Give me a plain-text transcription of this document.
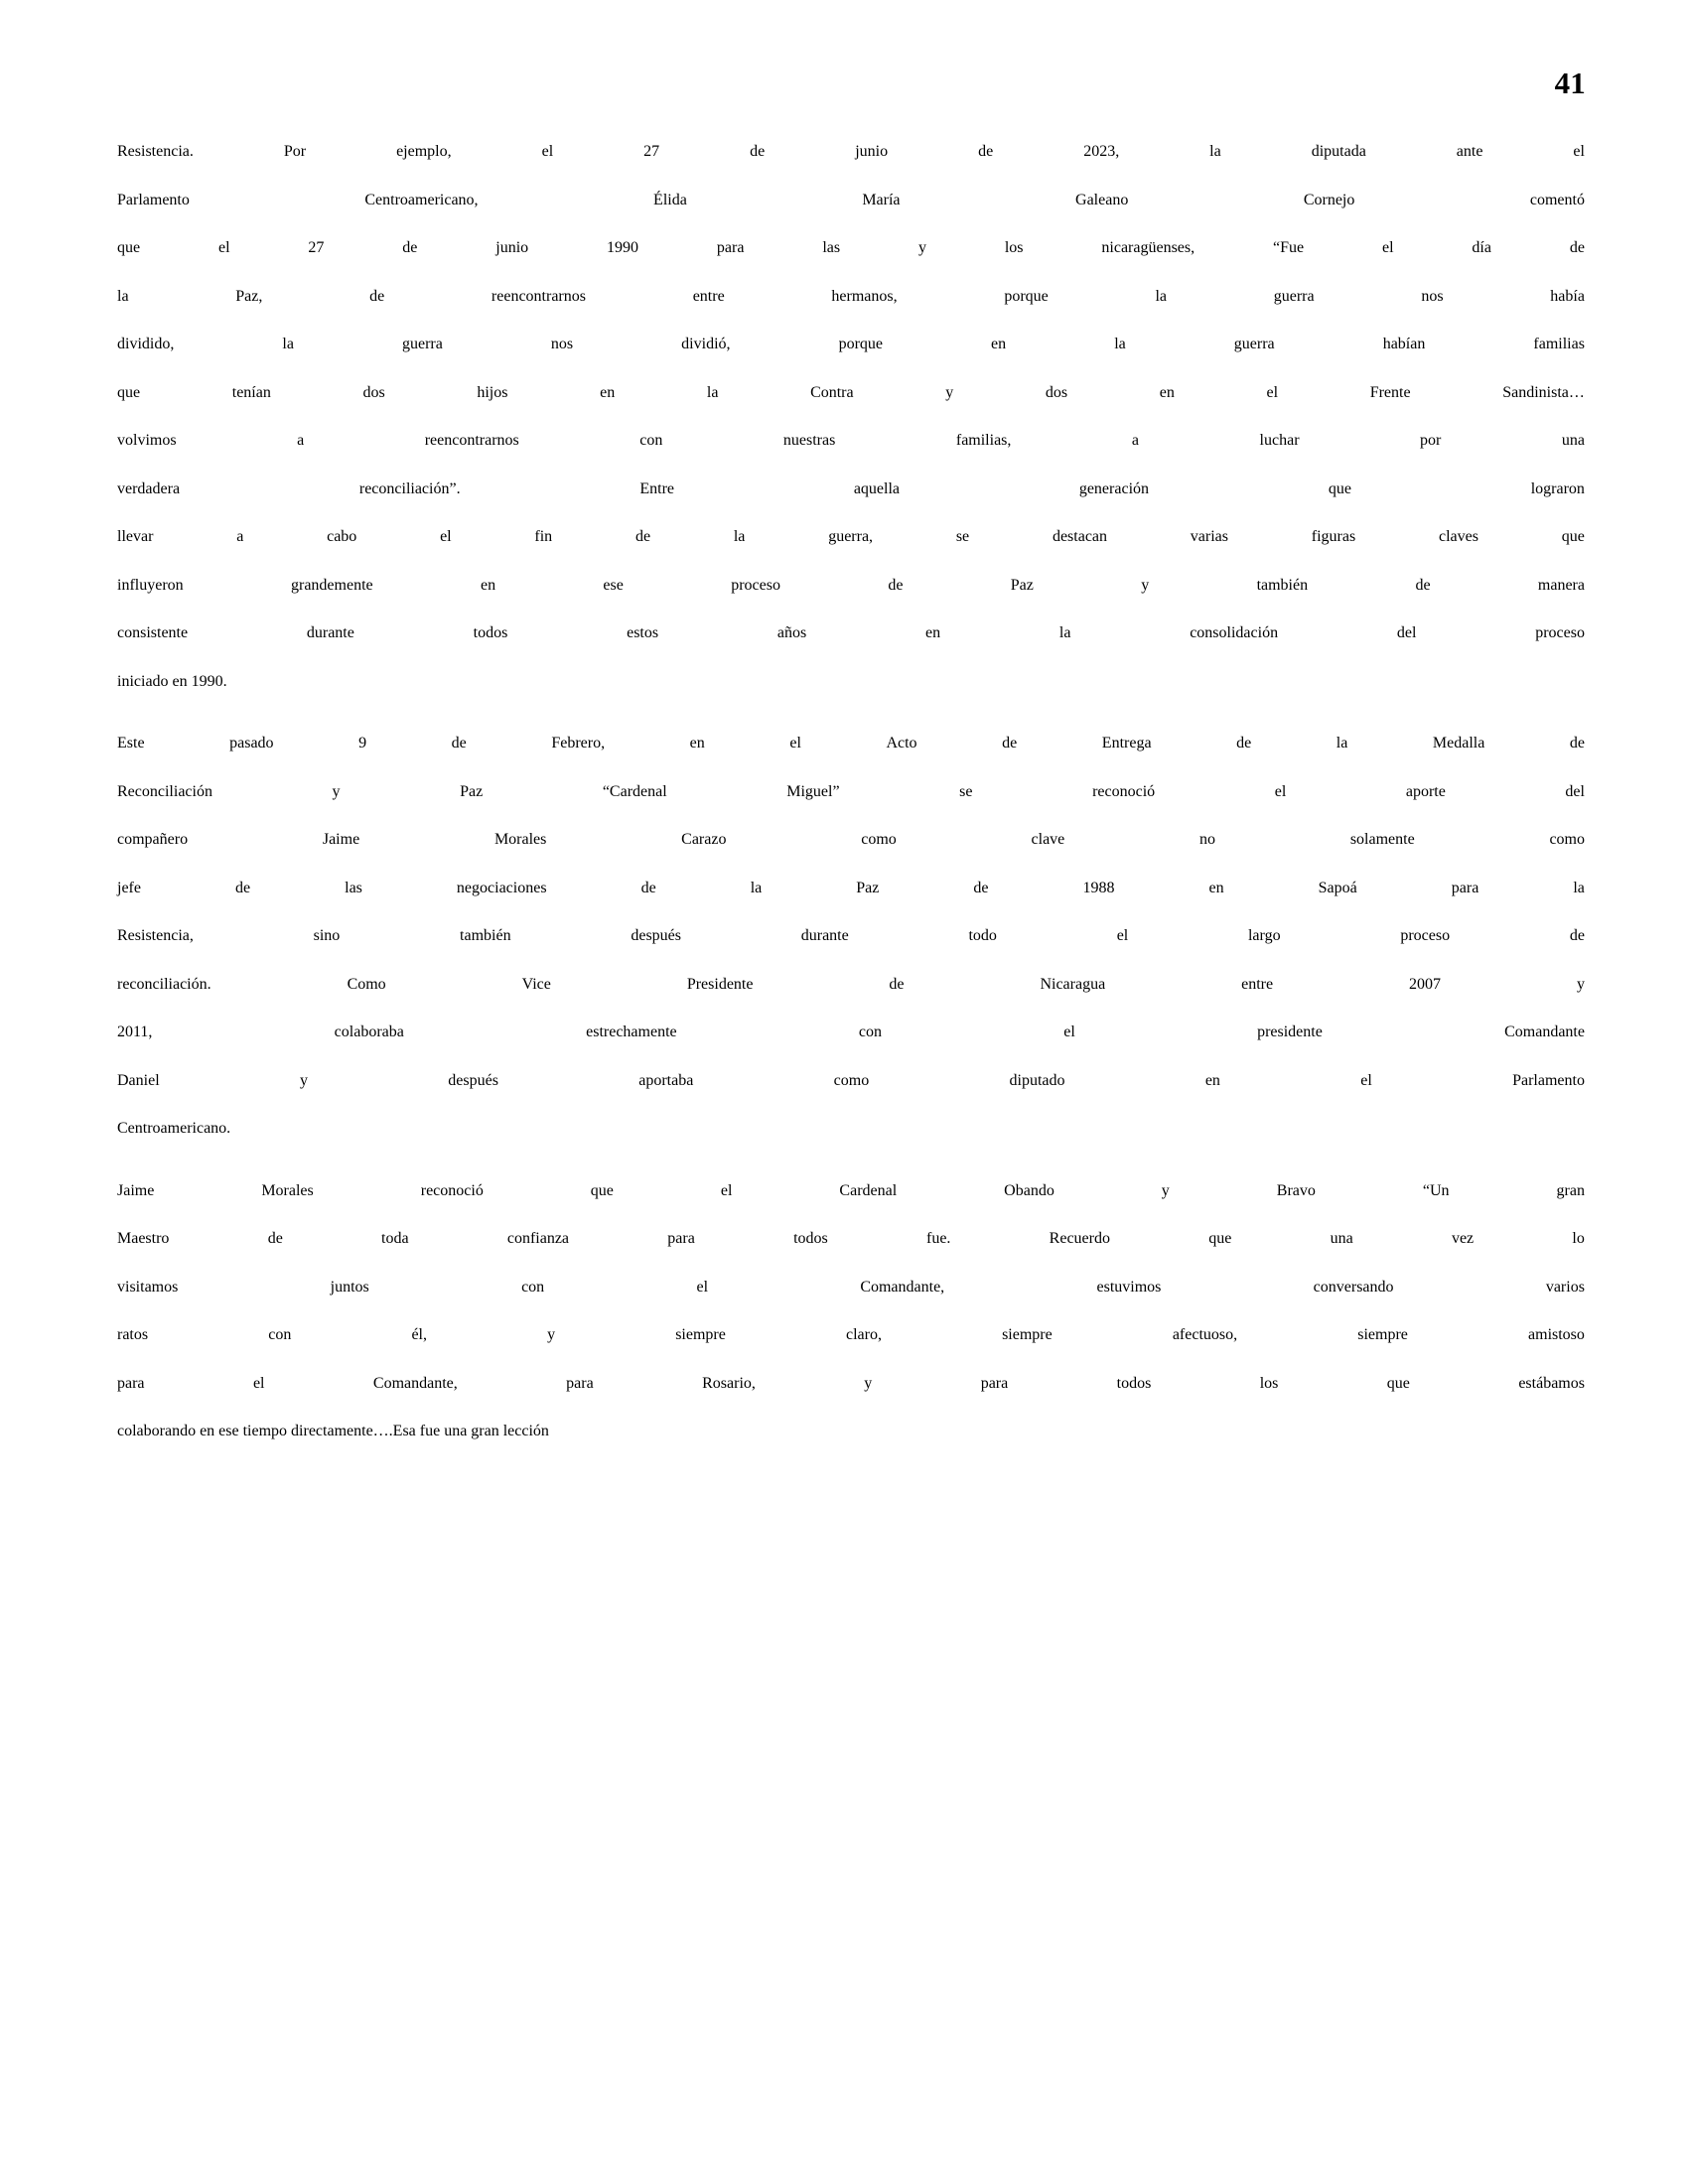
41
Resistencia.	Por	ejemplo,	el	27	de	junio	de	2023,	la	diputada	ante	el
Parlamento	Centroamericano,	Élida	María	Galeano	Cornejo	comentó
que	el	27	de	junio	1990	para	las	y	los	nicaragüenses,	“Fue	el	día	de
la	Paz,	de	reencontrarnos	entre	hermanos,	porque	la	guerra	nos	había
dividido,	la	guerra	nos	dividió,	porque	en	la	guerra	habían	familias
que	tenían	dos	hijos	en	la	Contra	y	dos	en	el	Frente	Sandinista…
volvimos	a	reencontrarnos	con	nuestras	familias,	a	luchar	por	una
verdadera	reconciliación”.	Entre	aquella	generación	que	lograron
llevar	a	cabo	el	fin	de	la	guerra,	se	destacan	varias	figuras	claves	que
influyeron	grandemente	en	ese	proceso	de	Paz	y	también	de	manera
consistente	durante	todos	estos	años	en	la	consolidación	del	proceso
iniciado en 1990.
Este	pasado	9	de	Febrero,	en	el	Acto	de	Entrega	de	la	Medalla	de
Reconciliación	y	Paz	“Cardenal	Miguel”	se	reconoció	el	aporte	del
compañero	Jaime	Morales	Carazo	como	clave	no	solamente	como
jefe	de	las	negociaciones	de	la	Paz	de	1988	en	Sapoá	para	la
Resistencia,	sino	también	después	durante	todo	el	largo	proceso	de
reconciliación.	Como	Vice	Presidente	de	Nicaragua	entre	2007	y
2011,	colaboraba	estrechamente	con	el	presidente	Comandante
Daniel	y	después	aportaba	como	diputado	en	el	Parlamento
Centroamericano.
Jaime	Morales	reconoció	que	el	Cardenal	Obando	y	Bravo	“Un	gran
Maestro	de	toda	confianza	para	todos	fue.	Recuerdo	que	una	vez	lo
visitamos	juntos	con	el	Comandante,	estuvimos	conversando	varios
ratos	con	él,	y	siempre	claro,	siempre	afectuoso,	siempre	amistoso
para	el	Comandante,	para	Rosario,	y	para	todos	los	que	estábamos
colaborando en ese tiempo directamente….Esa fue una gran lección
